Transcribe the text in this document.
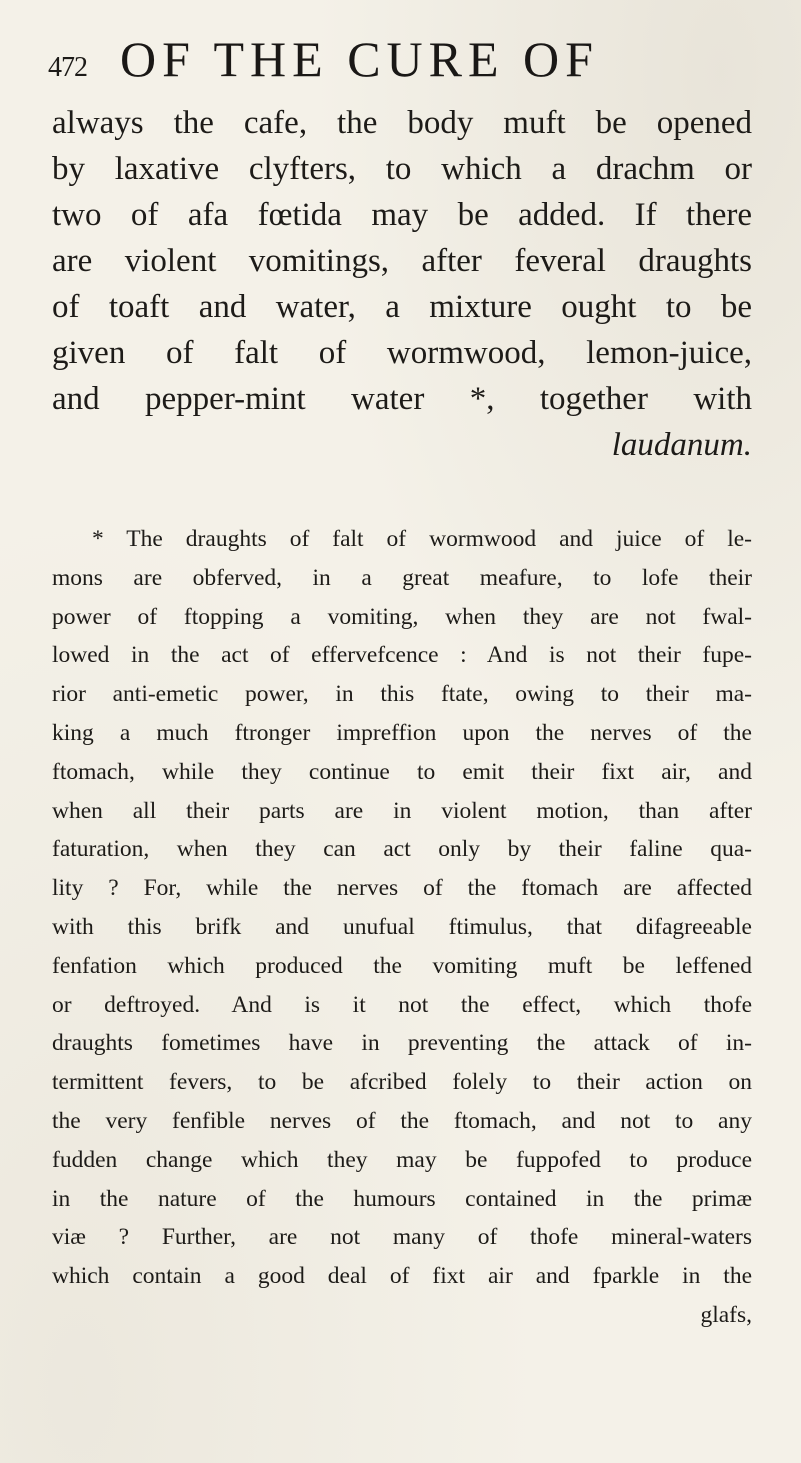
472 OF THE CURE OF
always the cafe, the body muft be opened
by laxative clyfters, to which a drachm or
two of afa fœtida may be added. If there
are violent vomitings, after feveral draughts
of toaft and water, a mixture ought to be
given of falt of wormwood, lemon-juice,
and pepper-mint water *, together with
laudanum.
* The draughts of falt of wormwood and juice of le-
mons are obferved, in a great meafure, to lofe their
power of ftopping a vomiting, when they are not fwal-
lowed in the act of effervefcence : And is not their fupe-
rior anti-emetic power, in this ftate, owing to their ma-
king a much ftronger impreffion upon the nerves of the
ftomach, while they continue to emit their fixt air, and
when all their parts are in violent motion, than after
faturation, when they can act only by their faline qua-
lity ? For, while the nerves of the ftomach are affected
with this brifk and unufual ftimulus, that difagreeable
fenfation which produced the vomiting muft be leffened
or deftroyed. And is it not the effect, which thofe
draughts fometimes have in preventing the attack of in-
termittent fevers, to be afcribed folely to their action on
the very fenfible nerves of the ftomach, and not to any
fudden change which they may be fuppofed to produce
in the nature of the humours contained in the primæ
viæ ? Further, are not many of thofe mineral-waters
which contain a good deal of fixt air and fparkle in the
glafs,
